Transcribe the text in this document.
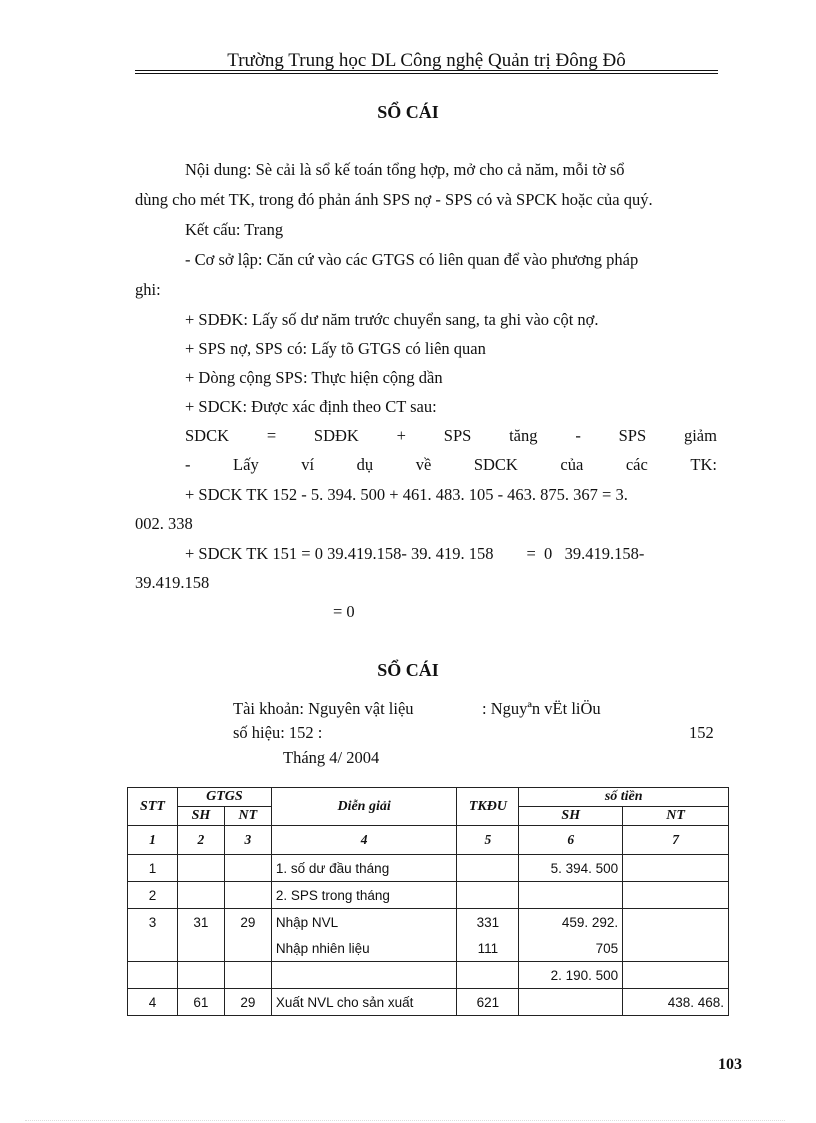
Trường Trung học DL Công nghệ Quản trị Đông Đô
SỔ CÁI
Nội dung: Sè cải là sổ kế toán tổng hợp, mở cho cả năm, mỗi tờ sổ
dùng cho mét TK, trong đó phản ánh SPS nợ - SPS có và SPCK hoặc của quý.
Kết cấu: Trang
- Cơ sở lập: Căn cứ vào các GTGS có liên quan để vào phương pháp
ghi:
+ SDĐK: Lấy số dư năm trước chuyển sang, ta ghi vào cột nợ.
+ SPS nợ, SPS có: Lấy tõ GTGS có liên quan
+ Dòng cộng SPS: Thực hiện cộng dần
+ SDCK: Được xác định theo CT sau:
SDCK = SDĐK + SPS tăng - SPS giảm
-	Lấy	ví	dụ	về	SDCK	của	các	TK:
+ SDCK TK 152 - 5. 394. 500 + 461. 483. 105 - 463. 875. 367 = 3.
002. 338
+ SDCK TK 151 = 0 39.419.158- 39. 419. 158        =  0   39.419.158-
39.419.158
= 0
SỔ CÁI
Tài khoản: Nguyên vật liệu	: Nguyªn vËt liÖu
số hiệu: 152 :	152
Tháng 4/ 2004
STT	GTGS		Diễn giải	TKĐU	số tiền	
	SH	NT			SH	NT
1	2	3	4	5	6	7
1			1. số dư đầu tháng		5. 394. 500	
2			2. SPS trong tháng			
3	31	29	Nhập NVL	331	459. 292.	
			Nhập nhiên liệu	111	705	
					2. 190. 500	
4	61	29	Xuất NVL cho sản xuất	621		438. 468.
103
